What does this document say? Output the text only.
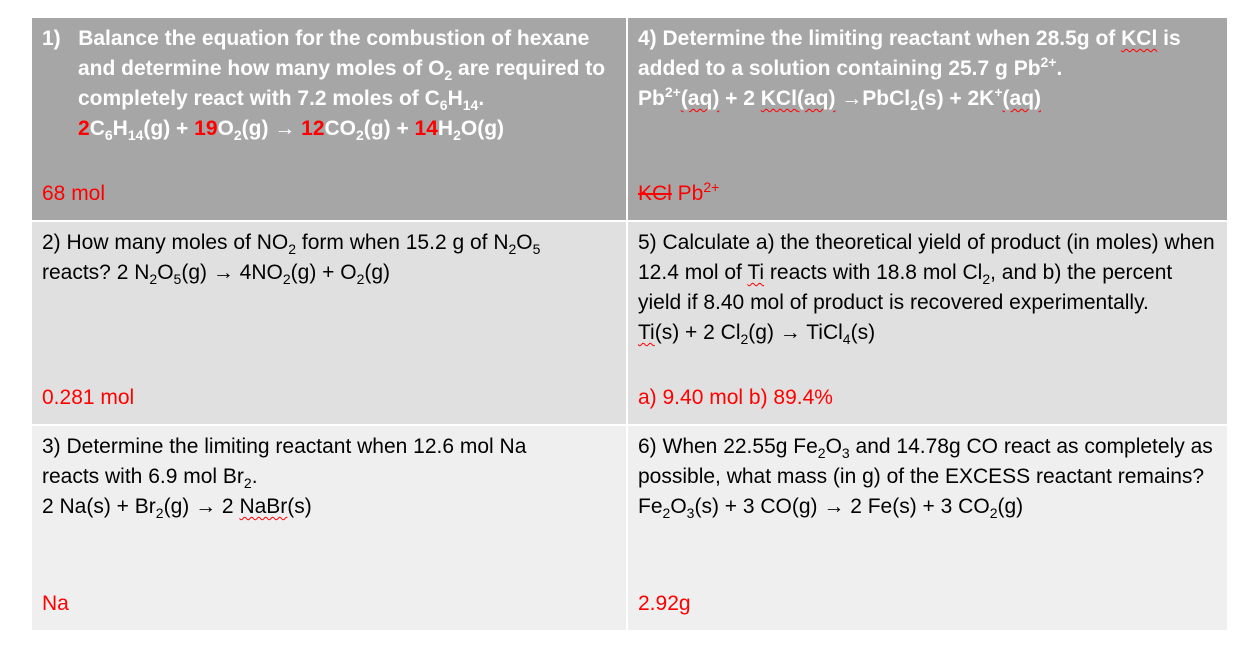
1) Balance the equation for the combustion of hexane and determine how many moles of $O_2$ are required to completely react with 7.2 moles of $C_6H_{14}$.
$2C_6H_{14}(g) + 19O_2(g) \to 12CO_2(g) + 14H_2O(g)$
68 mol
4) Determine the limiting reactant when 28.5g of KCl is added to a solution containing 25.7 g $Pb^{2+}$.
$Pb^{2+}(aq) + 2$ KCl(aq) →PbCl$_2$(s) + 2K+(aq)
KCl $Pb^{2+}$
2) How many moles of $NO_2$ form when 15.2 g of $N_2O_5$
reacts? 2 $N_2O_5(g) \to 4NO_2(g) + O_2(g)$
0.281 mol
5) Calculate a) the theoretical yield of product (in moles) when 12.4 mol of Ti reacts with 18.8 mol $Cl_2$, and b) the percent yield if 8.40 mol of product is recovered experimentally.
Ti(s) + 2 $Cl_2(g)$ → TiCl$_4$(s)
a) 9.40 mol b) 89.4%
3) Determine the limiting reactant when 12.6 mol Na
reacts with 6.9 mol $Br_2$.
2 $Na(s) + Br_2(g) \to 2$ NaBr(s)
Na
6) When 22.55g $Fe_2O_3$ and 14.78g CO react as completely as possible, what mass (in g) of the EXCESS reactant remains?
$Fe_2O_3(s) + 3$ CO(g) → 2 Fe(s) + 3 $CO_2(g)$
2.92g
